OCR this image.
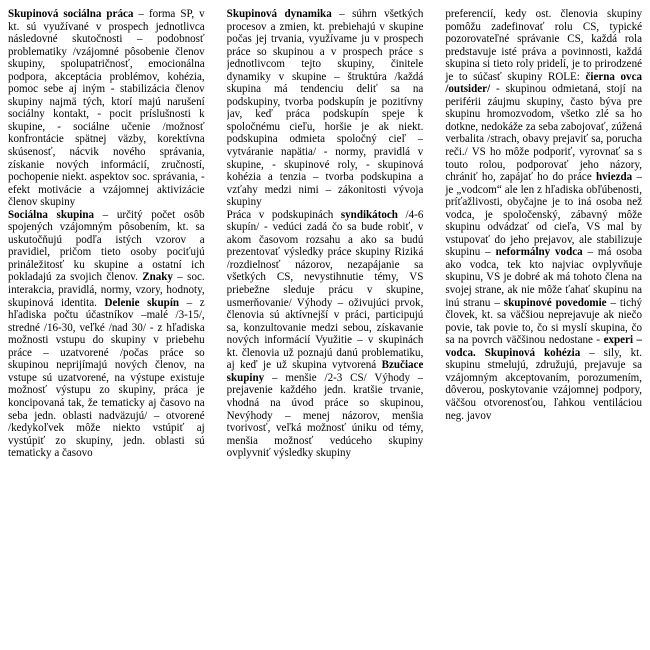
Skupinová sociálna práca – forma SP, v kt. sú využívané v prospech jednotlivca následovné skutočnosti – podobnosť problematiky /vzájomné pôsobenie členov skupiny, spolupatričnosť, emocionálna podpora, akceptácia problémov, kohézia, pomoc sebe aj iným - stabilizácia členov skupiny najmä tých, ktorí majú narušení sociálny kontakt, - pocit príslušnosti k skupine, - sociálne učenie /možnosť konfrontácie spätnej väzby, korektívna skúsenosť, nácvik nového správania, získanie nových informácií, zručností, pochopenie niekt. aspektov soc. správania, - efekt motivácie a vzájomnej aktivizácie členov skupiny

Sociálna skupina – určitý počet osôb spojených vzájomným pôsobením, kt. sa uskutočňujú podľa istých vzorov a pravidiel, pričom tieto osoby pociťujú prináležitosť ku skupine a ostatní ich pokladajú za svojich členov. Znaky – soc. interakcia, pravidlá, normy, vzory, hodnoty, skupinová identita. Delenie skupín – z hľadiska počtu účastníkov –malé /3-15/, stredné /16-30, veľké /nad 30/ - z hľadiska možnosti vstupu do skupiny v priebehu práce – uzatvorené /počas práce so skupinou neprijímajú nových členov, na vstupe sú uzatvorené, na výstupe existuje možnosť výstupu zo skupiny, práca je koncipovaná tak, že tematicky aj časovo na seba jedn. oblasti nadväzujú/ – otvorené /kedykoľvek môže niekto vstúpiť aj vystúpiť zo skupiny, jedn. oblasti sú tematicky a časovo

Skupinová dynamika – súhrn všetkých procesov a zmien, kt. prebiehajú v skupine počas jej trvania, využívame ju v prospech práce so skupinou a v prospech práce s jednotlivcom tejto skupiny, činitele dynamiky v skupine – štruktúra /každá skupina má tendenciu deliť sa na podskupiny, tvorba podskupín je pozitívny jav, keď práca podskupín speje k spoločnému cieľu, horšie je ak niekt. podskupina odmieta spoločný cieľ – vytváranie napätia/ - normy, pravidlá v skupine, - skupinové roly, - skupinová kohézia a tenzia – tvorba podskupina a vzťahy medzi nimi – zákonitosti vývoja skupiny

Práca v podskupinách syndikátoch /4-6 skupín/ - vedúci zadá čo sa bude robiť, v akom časovom rozsahu a ako sa budú prezentovať výsledky práce skupiny Riziká /rozdielnosť názorov, nezapájanie sa všetkých CS, nevystihnutie témy, VS priebežne sleduje prácu v skupine, usmerňovanie/ Výhody – oživujúci prvok, členovia sú aktívnejší v práci, participujú sa, konzultovanie medzi sebou, získavanie nových informácií Využitie – v skupinách kt. členovia už poznajú danú problematiku, aj keď je už skupina vytvorená Bzučiace skupiny – menšie /2-3 CS/ Výhody – prejavenie každého jedn. kratšie trvanie, vhodná na úvod práce so skupinou, Nevýhody – menej názorov, menšia tvorivosť, veľká možnosť úniku od témy, menšia možnosť vedúceho skupiny ovplyvniť výsledky skupiny

preferencií, kedy ost. členovia skupiny pomôžu zadefinovať rolu CS, typické pozorovateľné správanie CS, každá rola predstavuje isté práva a povinnosti, každá skupina si tieto roly pridelí, je to prirodzené je to súčasť skupiny ROLE: čierna ovca /outsider/ - skupinou odmietaná, stojí na periférii záujmu skupiny, často býva pre skupinu hromozvodom, všetko zlé sa ho dotkne, nedokáže za seba zabojovať, zúžená verbalita /strach, obavy prejaviť sa, porucha reči./ VS ho môže podporiť, vyrovnať sa s touto rolou, podporovať jeho názory, chrániť ho, zapájať ho do práce hviezda – je „vodcom“ ale len z hľadiska obľúbenosti, príťažlivosti, obyčajne je to iná osoba než vodca, je spoločenský, zábavný môže skupinu odvádzať od cieľa, VS mal by vstupovať do jeho prejavov, ale stabilizuje skupinu – neformálny vodca – má osoba ako vodca, tek kto najviac ovplyvňuje skupinu, VS je dobré ak má tohoto člena na svojej strane, ak nie môže ťahať skupinu na inú stranu – skupinové povedomie – tichý človek, kt. sa väčšiou neprejavuje ak niečo povie, tak povie to, čo si myslí skupina, čo sa na povrch väčšinou nedostane - experi – vodca. Skupinová kohézia – sily, kt. skupinu stmelujú, združujú, prejavuje sa vzájomným akceptovaním, porozumením, dôverou, poskytovanie vzájomnej podpory, väčšou otvorenosťou, ľahkou ventiláciou neg. javov
